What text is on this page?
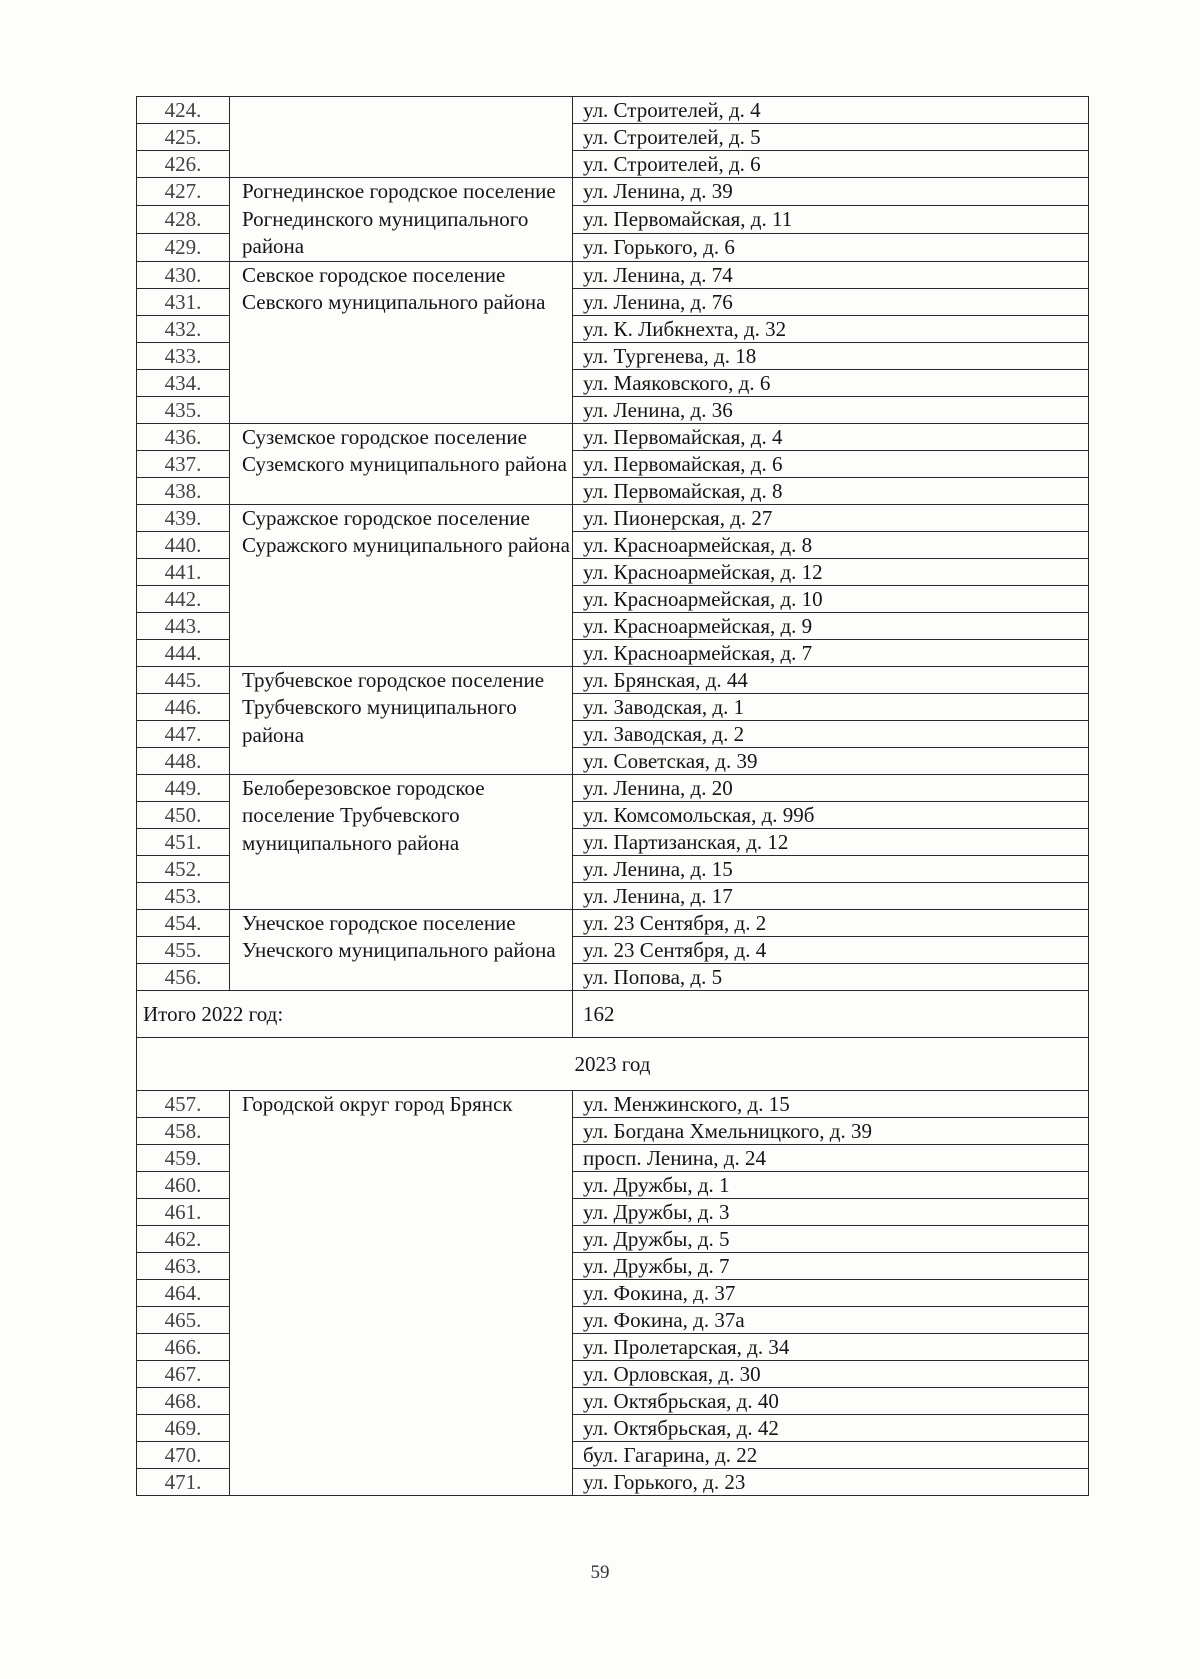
424.		ул. Строителей, д. 4
425.		ул. Строителей, д. 5
426.		ул. Строителей, д. 6
427.	Рогнединское городское поселение Рогнединского муниципального района	ул. Ленина, д. 39
428.		ул. Первомайская, д. 11
429.		ул. Горького, д. 6
430.	Севское городское поселение Севского муниципального района	ул. Ленина, д. 74
431.		ул. Ленина, д. 76
432.		ул. К. Либкнехта, д. 32
433.		ул. Тургенева, д. 18
434.		ул. Маяковского, д. 6
435.		ул. Ленина, д. 36
436.	Суземское городское поселение Суземского муниципального района	ул. Первомайская, д. 4
437.		ул. Первомайская, д. 6
438.		ул. Первомайская, д. 8
439.	Суражское городское поселение Суражского муниципального района	ул. Пионерская, д. 27
440.		ул. Красноармейская, д. 8
441.		ул. Красноармейская, д. 12
442.		ул. Красноармейская, д. 10
443.		ул. Красноармейская, д. 9
444.		ул. Красноармейская, д. 7
445.	Трубчевское городское поселение Трубчевского муниципального района	ул. Брянская, д. 44
446.		ул. Заводская, д. 1
447.		ул. Заводская, д. 2
448.		ул. Советская, д. 39
449.	Белоберезовское городское поселение Трубчевского муниципального района	ул. Ленина, д. 20
450.		ул. Комсомольская, д. 99б
451.		ул. Партизанская, д. 12
452.		ул. Ленина, д. 15
453.		ул. Ленина, д. 17
454.	Унечское городское поселение Унечского муниципального района	ул. 23 Сентября, д. 2
455.		ул. 23 Сентября, д. 4
456.		ул. Попова, д. 5
Итого 2022 год:		162
2023 год		
457.	Городской округ город Брянск	ул. Менжинского, д. 15
458.		ул. Богдана Хмельницкого, д. 39
459.		просп. Ленина, д. 24
460.		ул. Дружбы, д. 1
461.		ул. Дружбы, д. 3
462.		ул. Дружбы, д. 5
463.		ул. Дружбы, д. 7
464.		ул. Фокина, д. 37
465.		ул. Фокина, д. 37а
466.		ул. Пролетарская, д. 34
467.		ул. Орловская, д. 30
468.		ул. Октябрьская, д. 40
469.		ул. Октябрьская, д. 42
470.		бул. Гагарина, д. 22
471.		ул. Горького, д. 23
59
